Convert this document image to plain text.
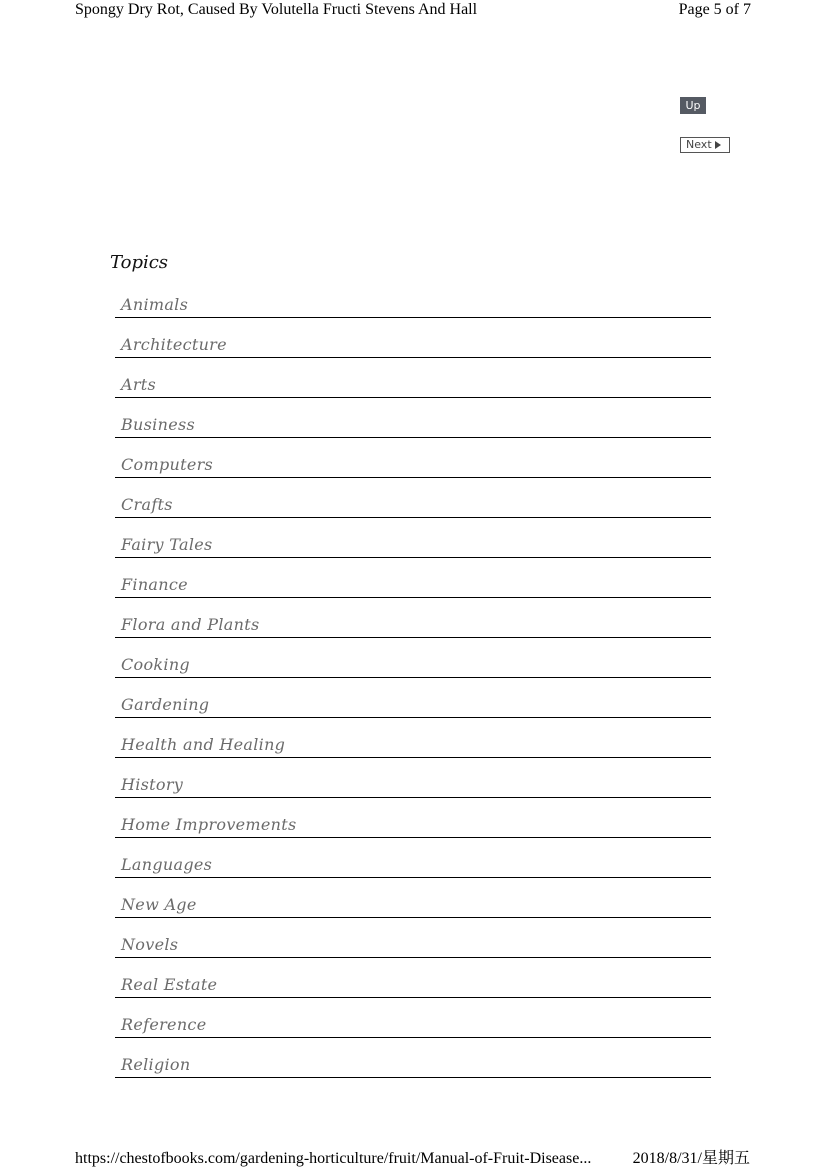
Spongy Dry Rot, Caused By Volutella Fructi Stevens And Hall	Page 5 of 7
Up
Next
Topics
Animals
Architecture
Arts
Business
Computers
Crafts
Fairy Tales
Finance
Flora and Plants
Cooking
Gardening
Health and Healing
History
Home Improvements
Languages
New Age
Novels
Real Estate
Reference
Religion
https://chestofbooks.com/gardening-horticulture/fruit/Manual-of-Fruit-Disease...	2018/8/31/星期五
